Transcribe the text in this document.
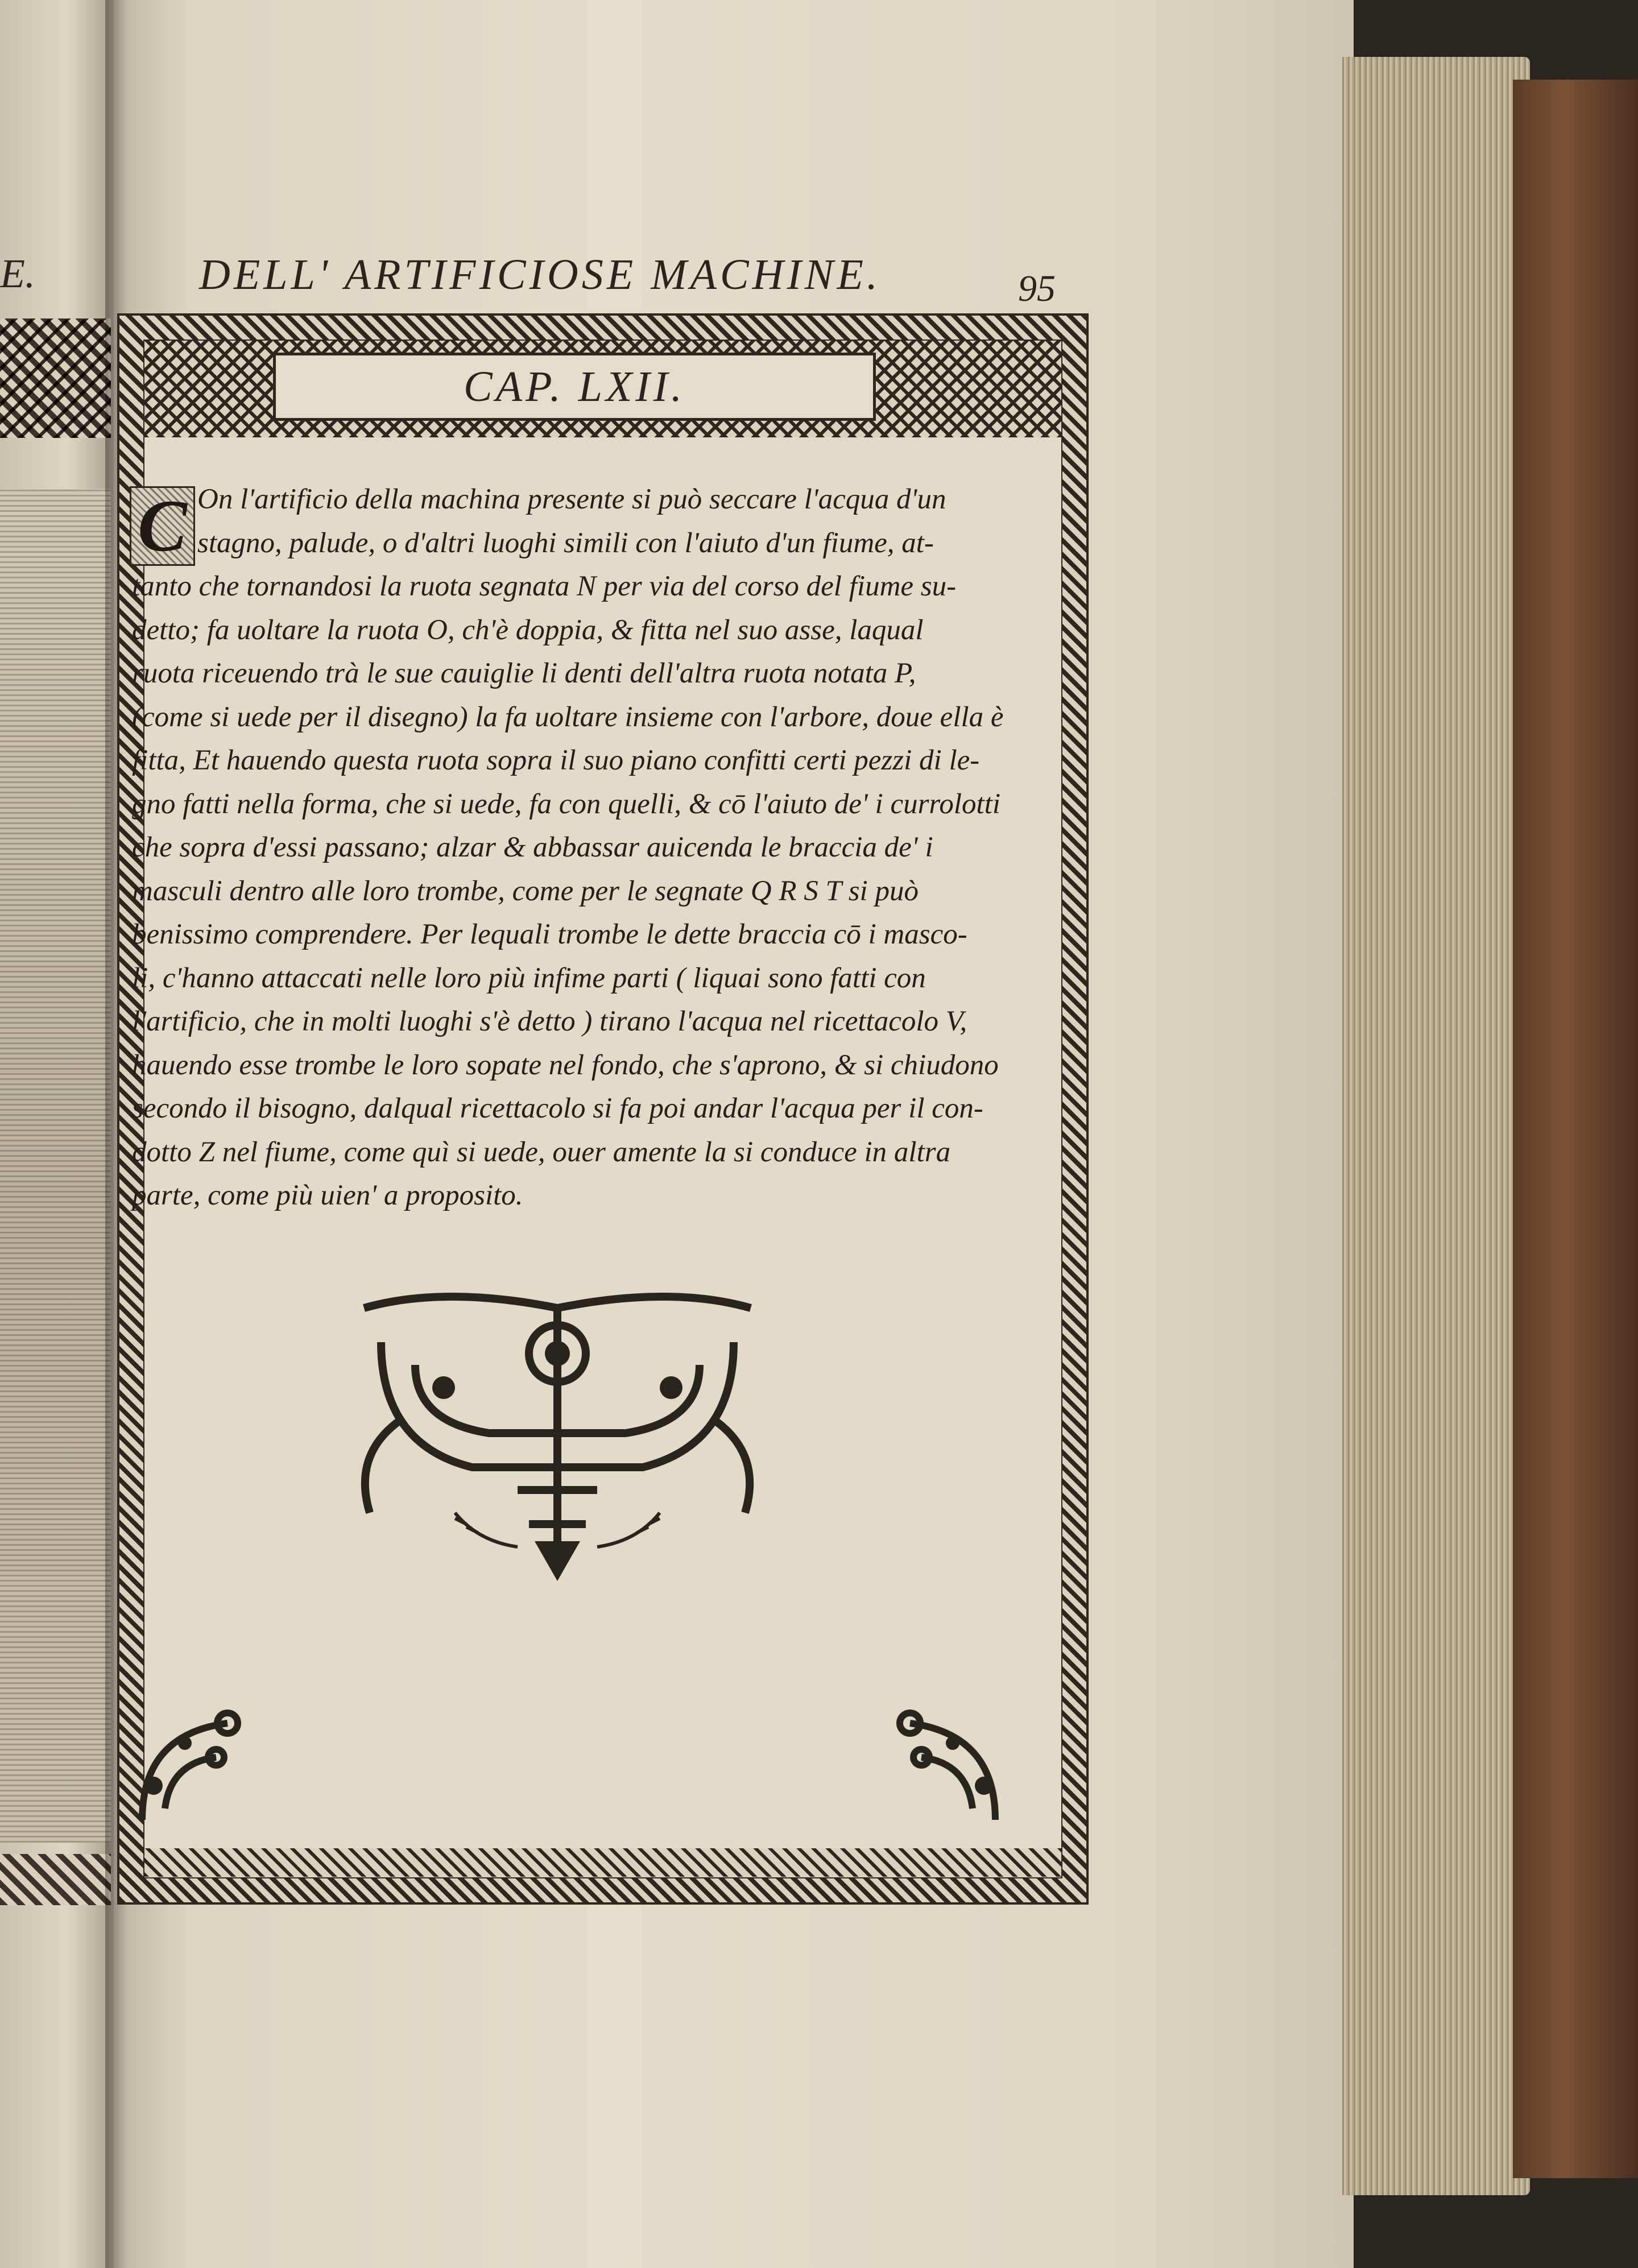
E.	DELL' ARTIFICIOSE MACHINE.	95
CAP. LXII.
C On l'artificio della machina presente si può seccare l'acqua d'un
stagno, palude, o d'altri luoghi simili con l'aiuto d'un fiume, at-
tanto che tornandosi la ruota segnata N per via del corso del fiume su-
detto; fa uoltare la ruota O, ch'è doppia, & fitta nel suo asse, laqual
ruota riceuendo trà le sue cauiglie li denti dell'altra ruota notata P,
(come si uede per il disegno) la fa uoltare insieme con l'arbore, doue ella è
fitta, Et hauendo questa ruota sopra il suo piano confitti certi pezzi di le-
gno fatti nella forma, che si uede, fa con quelli, & cō l'aiuto de' i currolotti
che sopra d'essi passano; alzar & abbassar auicenda le braccia de' i
masculi dentro alle loro trombe, come per le segnate Q R S T si può
benissimo comprendere. Per lequali trombe le dette braccia cō i masco-
li, c'hanno attaccati nelle loro più infime parti ( liquai sono fatti con
l'artificio, che in molti luoghi s'è detto ) tirano l'acqua nel ricettacolo V,
hauendo esse trombe le loro sopate nel fondo, che s'aprono, & si chiudono
secondo il bisogno, dalqual ricettacolo si fa poi andar l'acqua per il con-
dotto Z nel fiume, come quì si uede, ouer amente la si conduce in altra
parte, come più uien' a proposito.
